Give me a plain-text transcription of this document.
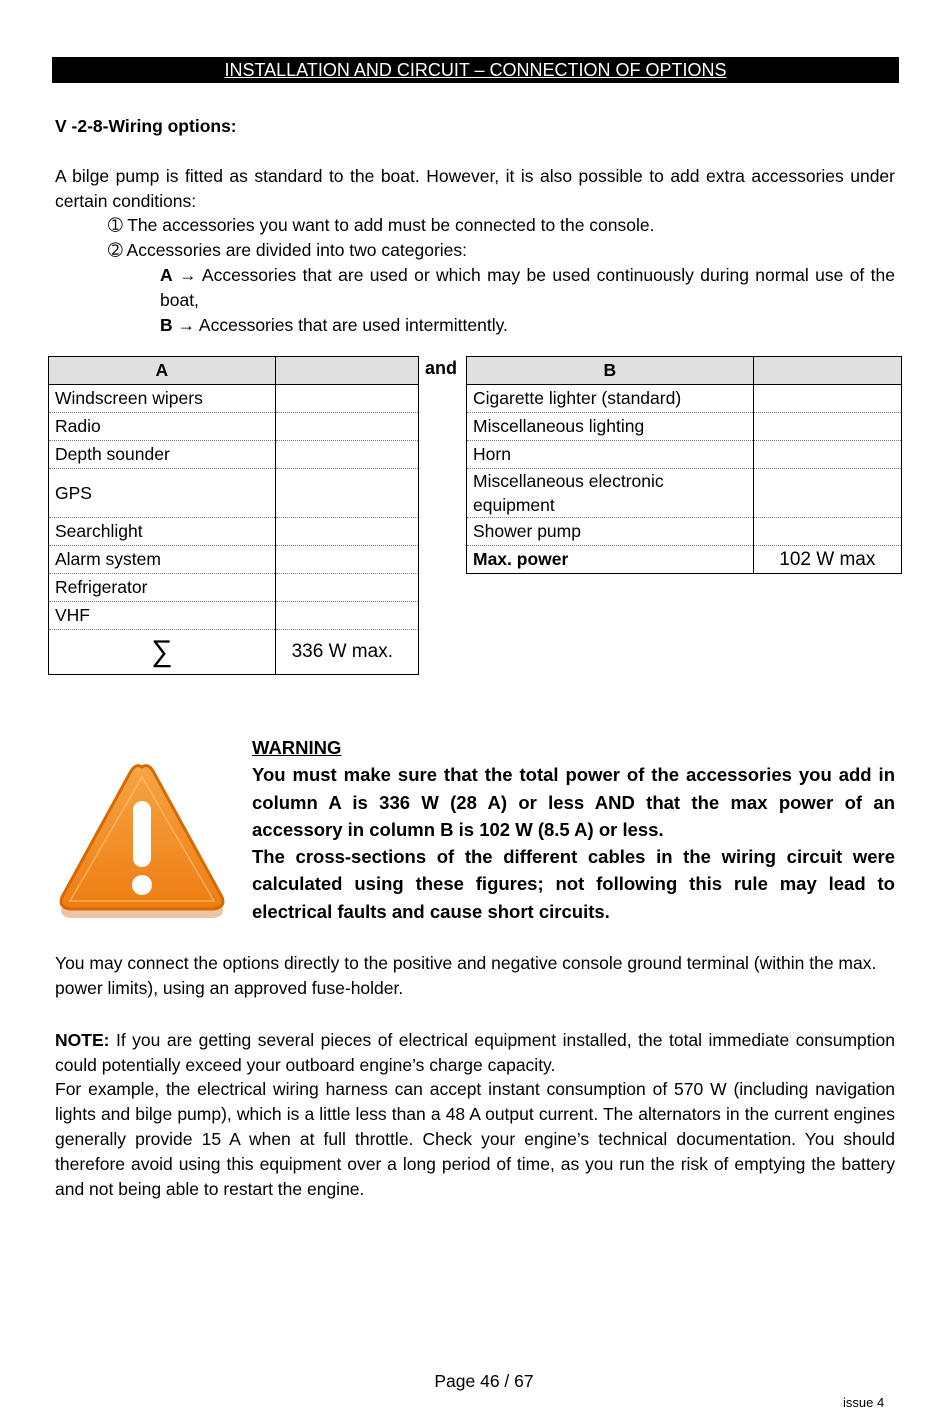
INSTALLATION AND CIRCUIT – CONNECTION OF OPTIONS
V -2-8-Wiring options:
A bilge pump is fitted as standard to the boat. However, it is also possible to add extra accessories under certain conditions:
➀ The accessories you want to add must be connected to the console.
➁ Accessories are divided into two categories:
A → Accessories that are used or which may be used continuously during normal use of the boat,
B → Accessories that are used intermittently.
A	
Windscreen wipers	
Radio	
Depth sounder	
GPS	
Searchlight	
Alarm system	
Refrigerator	
VHF	
∑	336 W max.
and	B	
Cigarette lighter (standard)	
Miscellaneous lighting	
Horn	
Miscellaneous electronic equipment	
Shower pump	
Max. power	102 W max
WARNING
You must make sure that the total power of the accessories you add in column A is 336 W (28 A) or less AND that the max power of an accessory in column B is 102 W (8.5 A) or less.
The cross-sections of the different cables in the wiring circuit were calculated using these figures; not following this rule may lead to electrical faults and cause short circuits.
You may connect the options directly to the positive and negative console ground terminal (within the max. power limits), using an approved fuse-holder.
NOTE: If you are getting several pieces of electrical equipment installed, the total immediate consumption could potentially exceed your outboard engine’s charge capacity.
For example, the electrical wiring harness can accept instant consumption of 570 W (including navigation lights and bilge pump), which is a little less than a 48 A output current. The alternators in the current engines generally provide 15 A when at full throttle. Check your engine’s technical documentation. You should therefore avoid using this equipment over a long period of time, as you run the risk of emptying the battery and not being able to restart the engine.
Page 46 / 67
issue 4
